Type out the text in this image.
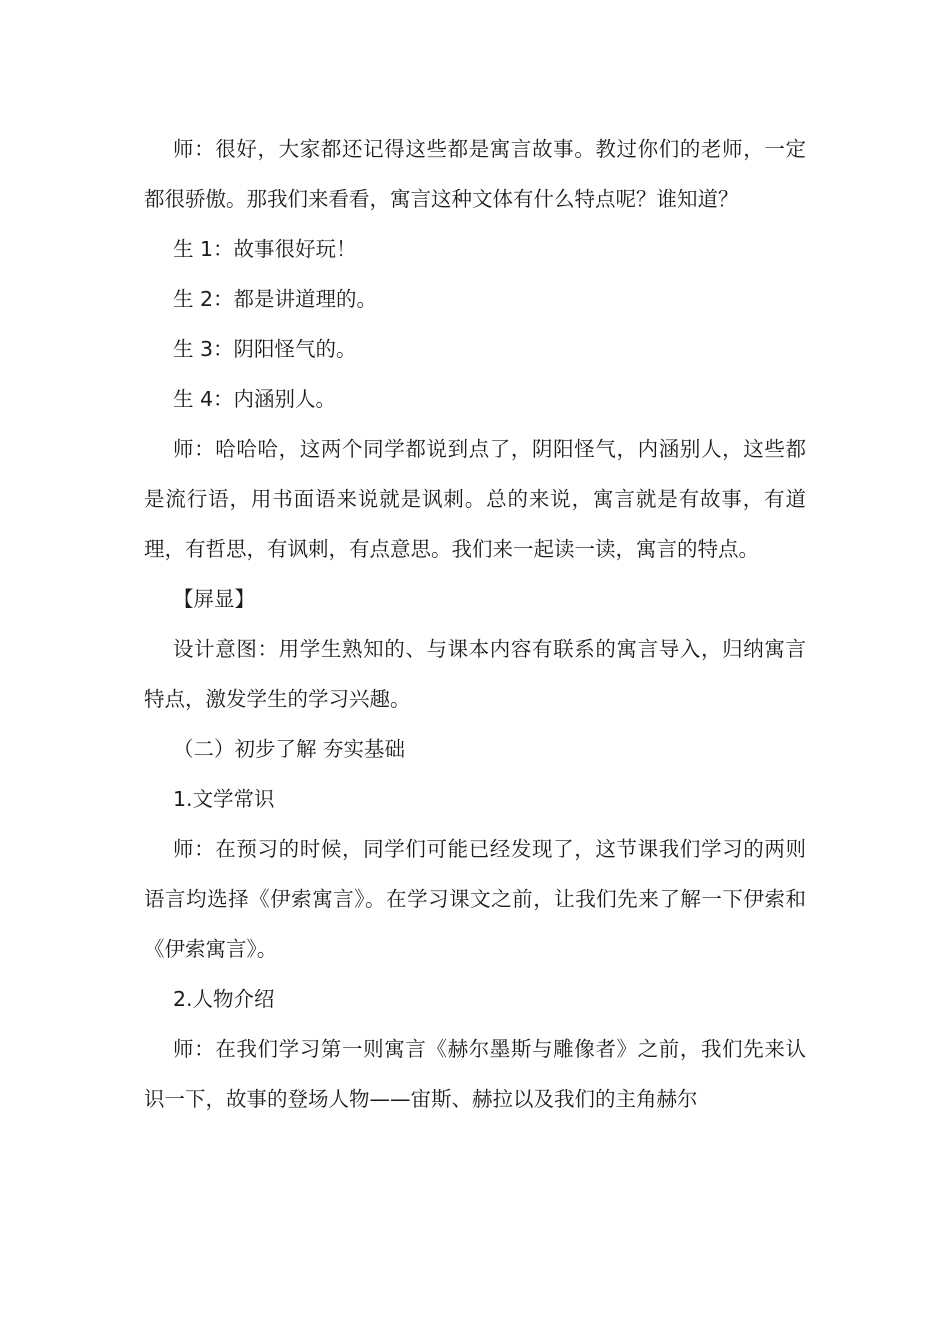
师：很好，大家都还记得这些都是寓言故事。教过你们的老师，一定都很骄傲。那我们来看看，寓言这种文体有什么特点呢？谁知道？

生 1：故事很好玩！

生 2：都是讲道理的。

生 3：阴阳怪气的。

生 4：内涵别人。

师：哈哈哈，这两个同学都说到点了，阴阳怪气，内涵别人，这些都是流行语，用书面语来说就是讽刺。总的来说，寓言就是有故事，有道理，有哲思，有讽刺，有点意思。我们来一起读一读，寓言的特点。

【屏显】

设计意图：用学生熟知的、与课本内容有联系的寓言导入，归纳寓言特点，激发学生的学习兴趣。

（二）初步了解 夯实基础

1.文学常识

师：在预习的时候，同学们可能已经发现了，这节课我们学习的两则语言均选择《伊索寓言》。在学习课文之前，让我们先来了解一下伊索和《伊索寓言》。

2.人物介绍

师：在我们学习第一则寓言《赫尔墨斯与雕像者》之前，我们先来认识一下，故事的登场人物——宙斯、赫拉以及我们的主角赫尔
